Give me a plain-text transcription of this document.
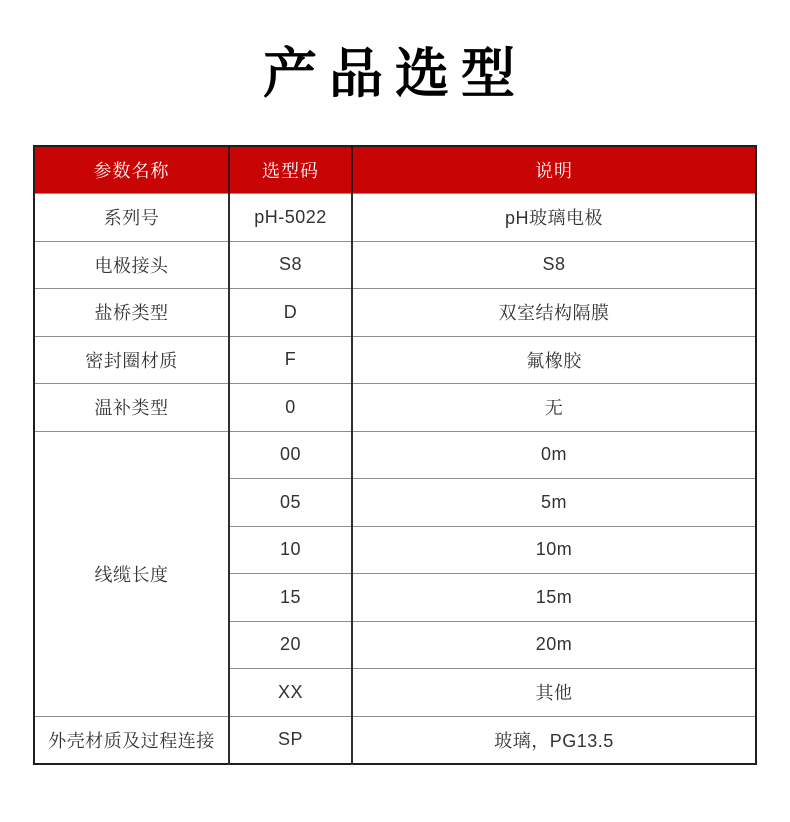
产品选型
参数名称	选型码	说明
系列号	pH-5022	pH玻璃电极
电极接头	S8	S8
盐桥类型	D	双室结构隔膜
密封圈材质	F	氟橡胶
温补类型	0	无
线缆长度	00	0m
	05	5m
	10	10m
	15	15m
	20	20m
	XX	其他
外壳材质及过程连接	SP	玻璃，PG13.5
